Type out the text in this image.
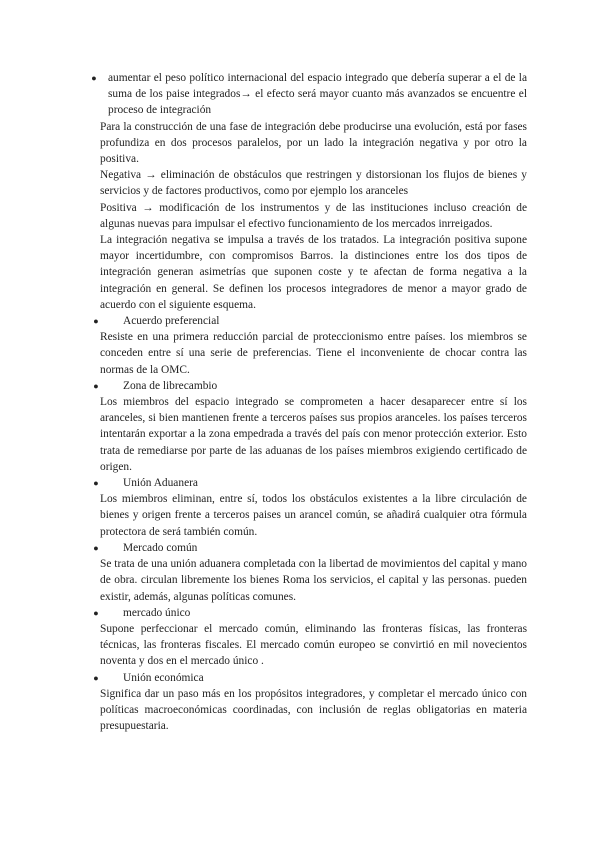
● aumentar el peso político internacional del espacio integrado que debería superar a el de la suma de los paise integrados→ el efecto será mayor cuanto más avanzados se encuentre el proceso de integración

Para la construcción de una fase de integración debe producirse una evolución, está por fases profundiza en dos procesos paralelos, por un lado la integración negativa y por otro la positiva.

Negativa → eliminación de obstáculos que restringen y distorsionan los flujos de bienes y servicios y de factores productivos, como por ejemplo los aranceles

Positiva → modificación de los instrumentos y de las instituciones incluso creación de algunas nuevas para impulsar el efectivo funcionamiento de los mercados inrreigados.

La integración negativa se impulsa a través de los tratados. La integración positiva supone mayor incertidumbre, con compromisos Barros. la distinciones entre los dos tipos de integración generan asimetrías que suponen coste y te afectan de forma negativa a la integración en general. Se definen los procesos integradores de menor a mayor grado de acuerdo con el siguiente esquema.

● Acuerdo preferencial

Resiste en una primera reducción parcial de proteccionismo entre países. los miembros se conceden entre sí una serie de preferencias. Tiene el inconveniente de chocar contra las normas de la OMC.

● Zona de librecambio

Los miembros del espacio integrado se comprometen a hacer desaparecer entre sí los aranceles, si bien mantienen frente a terceros países sus propios aranceles. los países terceros intentarán exportar a la zona empedrada a través del país con menor protección exterior. Esto trata de remediarse por parte de las aduanas de los países miembros exigiendo certificado de origen.

● Unión Aduanera

Los miembros eliminan, entre sí, todos los obstáculos existentes a la libre circulación de bienes y origen frente a terceros paises un arancel común, se añadirá cualquier otra fórmula protectora de será también común.

● Mercado común

Se trata de una unión aduanera completada con la libertad de movimientos del capital y mano de obra. circulan libremente los bienes Roma los servicios, el capital y las personas. pueden existir, además, algunas políticas comunes.

● mercado único

Supone perfeccionar el mercado común, eliminando las fronteras físicas, las fronteras técnicas, las fronteras fiscales. El mercado común europeo se convirtió en mil novecientos noventa y dos en el mercado único .

● Unión económica

Significa dar un paso más en los propósitos integradores, y completar el mercado único con políticas macroeconómicas coordinadas, con inclusión de reglas obligatorias en materia presupuestaria.
